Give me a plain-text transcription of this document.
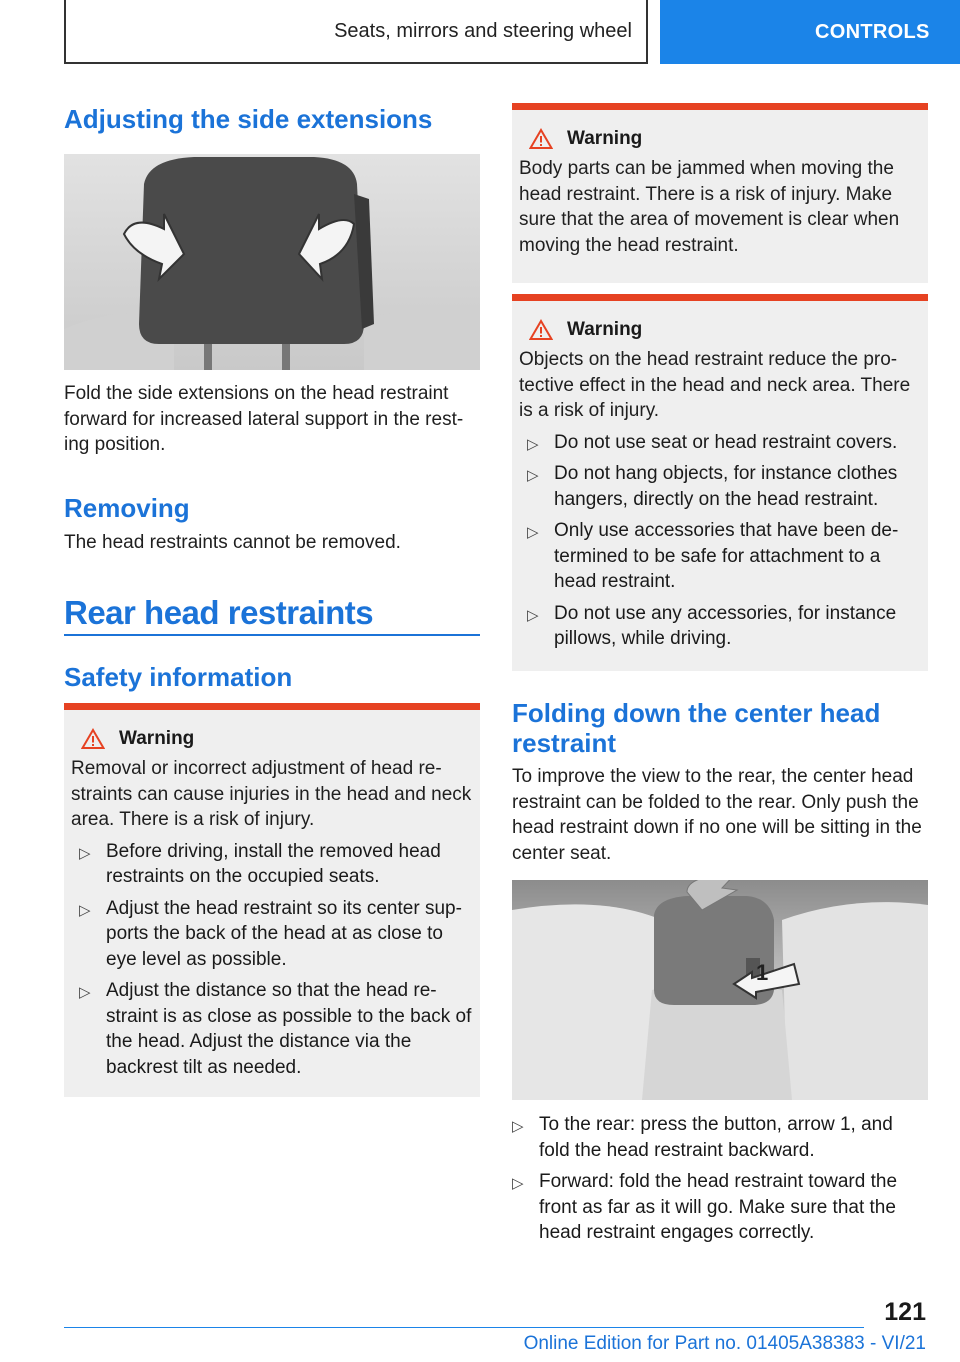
Seats, mirrors and steering wheel	CONTROLS
Adjusting the side extensions

Fold the side extensions on the head restraint forward for increased lateral support in the rest-ing position.

Removing

The head restraints cannot be removed.

Rear head restraints
Safety information
Warning

Removal or incorrect adjustment of head re-straints can cause injuries in the head and neck area. There is a risk of injury.

▷ Before driving, install the removed head restraints on the occupied seats.
▷ Adjust the head restraint so its center sup-ports the back of the head at as close to eye level as possible.
▷ Adjust the distance so that the head re-straint is as close as possible to the back of the head. Adjust the distance via the backrest tilt as needed.
Warning

Body parts can be jammed when moving the head restraint. There is a risk of injury. Make sure that the area of movement is clear when moving the head restraint.

Warning

Objects on the head restraint reduce the pro-tective effect in the head and neck area. There is a risk of injury.

▷ Do not use seat or head restraint covers.
▷ Do not hang objects, for instance clothes hangers, directly on the head restraint.
▷ Only use accessories that have been de-termined to be safe for attachment to a head restraint.
▷ Do not use any accessories, for instance pillows, while driving.
Folding down the center head restraint

To improve the view to the rear, the center head restraint can be folded to the rear. Only push the head restraint down if no one will be sitting in the center seat.

1
▷ To the rear: press the button, arrow 1, and fold the head restraint backward.
▷ Forward: fold the head restraint toward the front as far as it will go. Make sure that the head restraint engages correctly.
121
Online Edition for Part no. 01405A38383 - VI/21
